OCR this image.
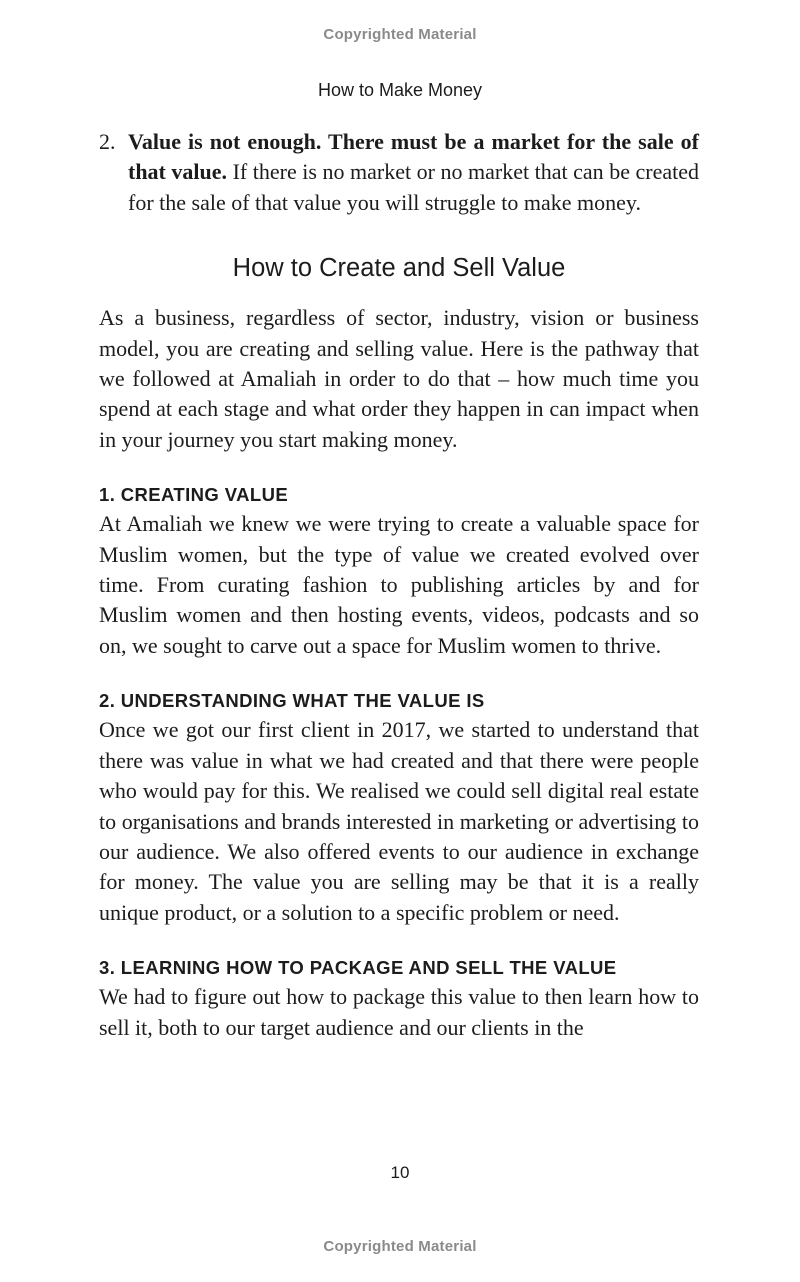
Copyrighted Material
How to Make Money
2. Value is not enough. There must be a market for the sale of that value. If there is no market or no market that can be created for the sale of that value you will struggle to make money.
How to Create and Sell Value
As a business, regardless of sector, industry, vision or business model, you are creating and selling value. Here is the pathway that we followed at Amaliah in order to do that – how much time you spend at each stage and what order they happen in can impact when in your journey you start making money.
1. CREATING VALUE
At Amaliah we knew we were trying to create a valuable space for Muslim women, but the type of value we created evolved over time. From curating fashion to publishing articles by and for Muslim women and then hosting events, videos, podcasts and so on, we sought to carve out a space for Muslim women to thrive.
2. UNDERSTANDING WHAT THE VALUE IS
Once we got our first client in 2017, we started to understand that there was value in what we had created and that there were people who would pay for this. We realised we could sell digital real estate to organisations and brands interested in marketing or advertising to our audience. We also offered events to our audience in exchange for money. The value you are selling may be that it is a really unique product, or a solution to a specific problem or need.
3. LEARNING HOW TO PACKAGE AND SELL THE VALUE
We had to figure out how to package this value to then learn how to sell it, both to our target audience and our clients in the
10
Copyrighted Material
